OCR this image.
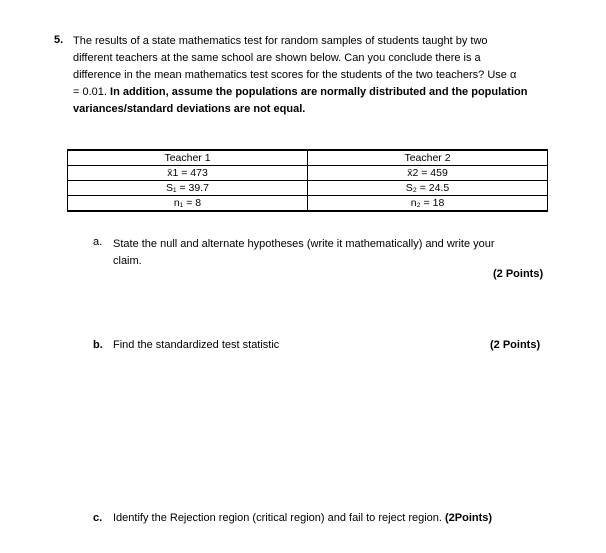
5. The results of a state mathematics test for random samples of students taught by two
different teachers at the same school are shown below. Can you conclude there is a
difference in the mean mathematics test scores for the students of the two teachers? Use α
= 0.01. In addition, assume the populations are normally distributed and the population
variances/standard deviations are not equal.
Teacher 1	Teacher 2
x̄1 = 473	x̄2 = 459
S₁ = 39.7	S₂ = 24.5
n₁ = 8	n₂ = 18
a. State the null and alternate hypotheses (write it mathematically) and write your
claim.
(2 Points)
b. Find the standardized test statistic	(2 Points)
c. Identify the Rejection region (critical region) and fail to reject region. (2Points)
